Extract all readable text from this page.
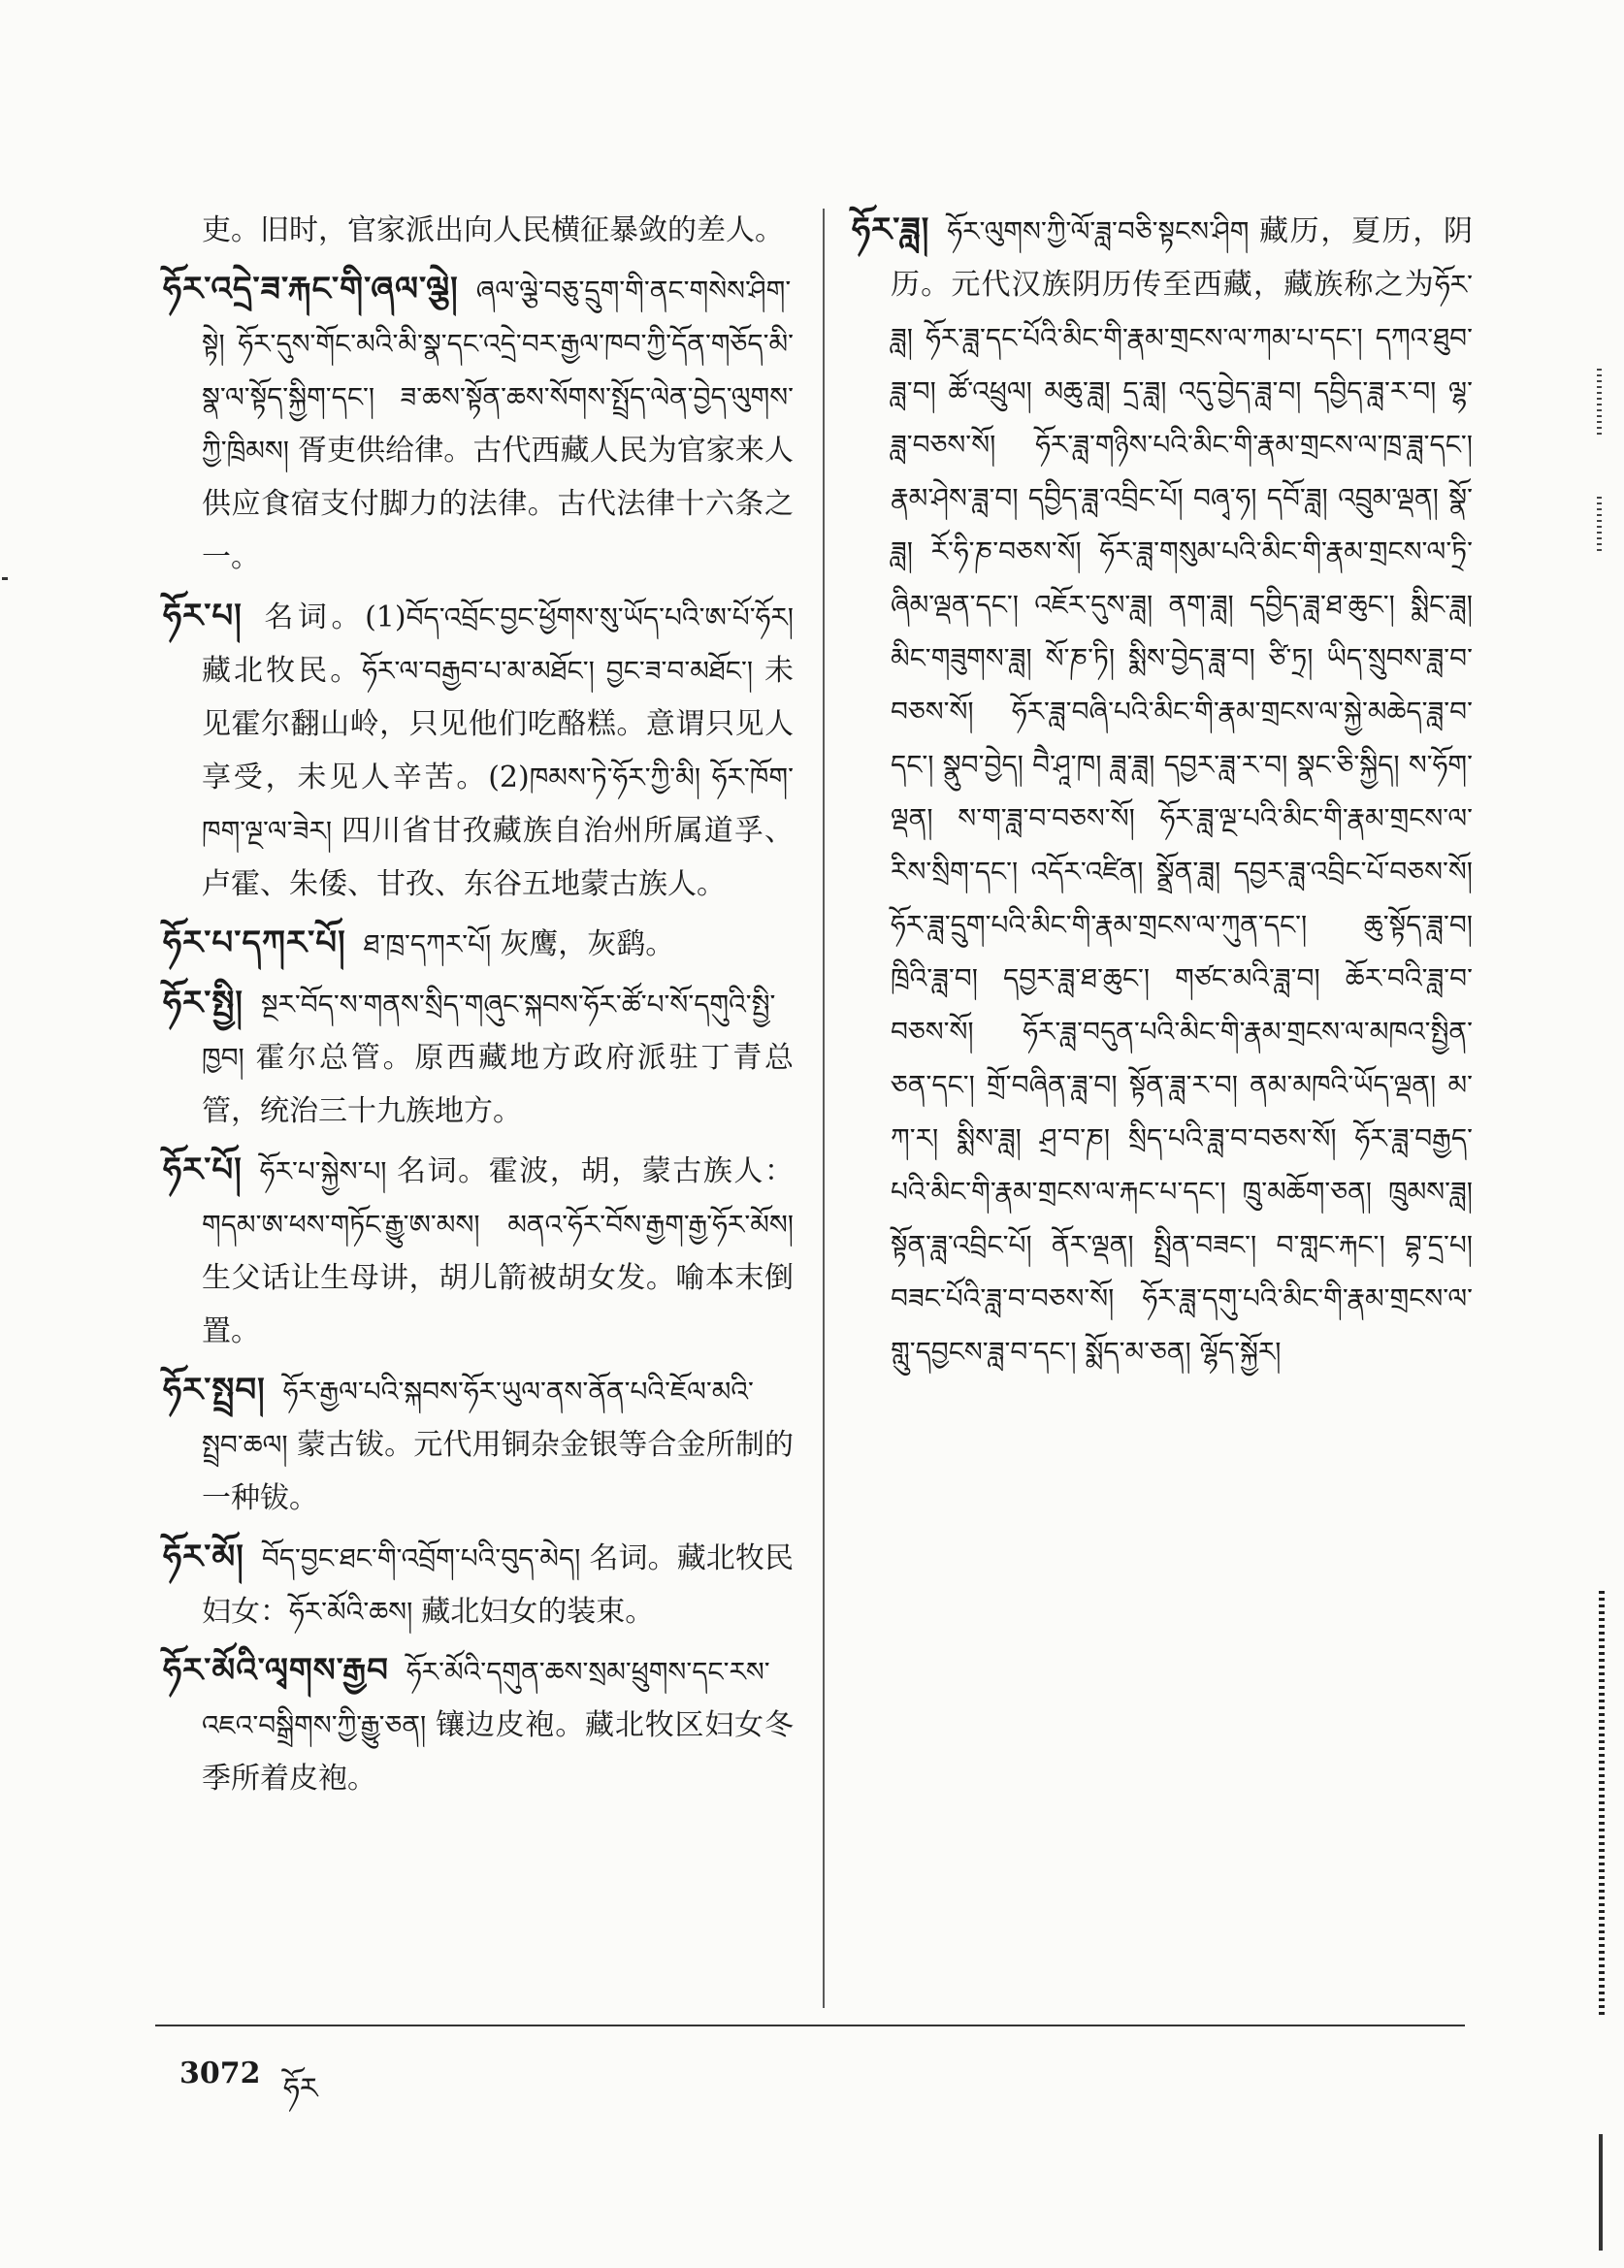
吏。旧时，官家派出向人民横征暴敛的差人。
ཧོར་འདྲེ་ཟ་རྐང་གི་ཞལ་ལྕེ། ཞལ་ལྕེ་བཅུ་དྲུག་གི་ནང་གསེས་ཤིག་སྟེ། ཧོར་དུས་གོང་མའི་མི་སྣ་དང་འདྲེ་བར་རྒྱལ་ཁབ་ཀྱི་དོན་གཅོད་མི་སྣ་ལ་སྟོད་སྐྱིག་དང་། ཟ་ཆས་སྟོན་ཆས་སོགས་སྤྲོད་ལེན་བྱེད་ལུགས་ཀྱི་ཁྲིམས། 胥吏供给律。古代西藏人民为官家来人供应食宿支付脚力的法律。古代法律十六条之一。
ཧོར་པ། 名词。(1)བོད་འབྲོང་བྱང་ཕྱོགས་སུ་ཡོད་པའི་ཨ་པོ་ཧོར། 藏北牧民。ཧོར་ལ་བརྒྱབ་པ་མ་མཐོང་། བྱང་ཟ་བ་མཐོང་། 未见霍尔翻山岭，只见他们吃酪糕。意谓只见人享受，未见人辛苦。(2)ཁམས་ཏེ་ཧོར་ཀྱི་མི། ཧོར་ཁོག་ཁག་ལྔ་ལ་ཟེར། 四川省甘孜藏族自治州所属道孚、卢霍、朱倭、甘孜、东谷五地蒙古族人。
ཧོར་པ་དཀར་པོ། ཐ་ཁྲ་དཀར་པོ། 灰鹰，灰鹞。
ཧོར་སྤྱི། སྔར་བོད་ས་གནས་སྲིད་གཞུང་སྐབས་ཧོར་ཚོ་པ་སོ་དགུའི་སྤྱི་ཁྱབ། 霍尔总管。原西藏地方政府派驻丁青总管，统治三十九族地方。
ཧོར་པོ། ཧོར་པ་སྐྱེས་པ། 名词。霍波，胡，蒙古族人：གདམ་ཨ་ཕས་གཏོང་རྒྱུ་ཨ་མས། མནའ་ཧོར་བོས་རྒྱག་རྒྱ་ཧོར་མོས། 生父话让生母讲，胡儿箭被胡女发。喻本末倒置。
ཧོར་སྤྲབ། ཧོར་རྒྱལ་པའི་སྐབས་ཧོར་ཡུལ་ནས་ནོན་པའི་ཇོལ་མའི་སྤྲབ་ཆལ། 蒙古钹。元代用铜杂金银等合金所制的一种钹。
ཧོར་མོ། བོད་བྱང་ཐང་གི་འབྲོག་པའི་བུད་མེད། 名词。藏北牧民妇女：ཧོར་མོའི་ཆས། 藏北妇女的装束。
ཧོར་མོའི་ལྭགས་རྒྱབ ཧོར་མོའི་དགུན་ཆས་སྲམ་ཕྲུགས་དང་རས་འཇའ་བསྒྲིགས་ཀྱི་རྒྱུ་ཅན། 镶边皮袍。藏北牧区妇女冬季所着皮袍。
ཧོར་ཟླ། ཧོར་ལུགས་ཀྱི་ལོ་ཟླ་བཅི་སྟངས་ཤིག 藏历，夏历，阴历。元代汉族阴历传至西藏，藏族称之为ཧོར་ཟླ། ཧོར་ཟླ་དང་པོའི་མིང་གི་རྣམ་གྲངས་ལ་ཀམ་པ་དང་། དཀའ་ཐུབ་ཟླ་བ། ཚོ་འཕྲུལ། མཆུ་ཟླ། དྲ་ཟླ། འདུ་བྱེད་ཟླ་བ། དབྱིད་ཟླ་ར་བ། ལྷ་ཟླ་བཅས་སོ། ཧོར་ཟླ་གཉིས་པའི་མིང་གི་རྣམ་གྲངས་ལ་ཁྲ་ཟླ་དང་། རྣམ་ཤེས་ཟླ་བ། དབྱིད་ཟླ་འབྲིང་པོ། བཞྭ་ཧ། དབོ་ཟླ། འབྲུམ་ལྡན། སྣོ་ཟླ། ཪོ་ཧི་ཎ་བཅས་སོ། ཧོར་ཟླ་གསུམ་པའི་མིང་གི་རྣམ་གྲངས་ལ་ཏྲི་ཞིམ་ལྡན་དང་། འཇོར་དུས་ཟླ། ནག་ཟླ། དབྱིད་ཟླ་ཐ་ཆུང་། སྨིང་ཟླ། མིང་གཟུགས་ཟླ། སོ་ཎ་ཏི། སྨིས་བྱེད་ཟླ་བ། ཙི་ཏྲ། ཡིད་སྲུབས་ཟླ་བ་བཅས་སོ། ཧོར་ཟླ་བཞི་པའི་མིང་གི་རྣམ་གྲངས་ལ་སྐྱེ་མཆེད་ཟླ་བ་དང་། སྣུབ་བྱེད། བཻ་ཤཱ་ཁ། ཟླ་ཟླ། དབྱར་ཟླ་ར་བ། སྣང་ཅི་སྐྱིད། ས་ཧོག་ལྡན། ས་ག་ཟླ་བ་བཅས་སོ། ཧོར་ཟླ་ལྔ་པའི་མིང་གི་རྣམ་གྲངས་ལ་རིས་སྲིག་དང་། འདོར་འཛིན། སྣྲོན་ཟླ། དབྱར་ཟླ་འབྲིང་པོ་བཅས་སོ། ཧོར་ཟླ་དྲུག་པའི་མིང་གི་རྣམ་གྲངས་ལ་ཀུན་དང་། ཆུ་སྟོད་ཟླ་བ། ཁྲིའི་ཟླ་བ། དབྱར་ཟླ་ཐ་ཆུང་། གཙང་མའི་ཟླ་བ། ཆོར་བའི་ཟླ་བ་བཅས་སོ། ཧོར་ཟླ་བདུན་པའི་མིང་གི་རྣམ་གྲངས་ལ་མཁའ་སྤྱིན་ཅན་དང་། གྲོ་བཞིན་ཟླ་བ། སྟོན་ཟླ་ར་བ། ནམ་མཁའི་ཡོད་ལྡན། མ་ཀ་ར། སྨིས་ཟླ། ཤྲ་བ་ཎ། སྲིད་པའི་ཟླ་བ་བཅས་སོ། ཧོར་ཟླ་བརྒྱད་པའི་མིང་གི་རྣམ་གྲངས་ལ་རྐང་པ་དང་། ཁྲུ་མཆོག་ཅན། ཁྲུམས་ཟླ། སྟོན་ཟླ་འབྲིང་པོ། ནོར་ལྡན། སྤྲིན་བཟང་། བ་གླང་རྐང་། བྷ་དྲ་པ། བཟང་པོའི་ཟླ་བ་བཅས་སོ། ཧོར་ཟླ་དགུ་པའི་མིང་གི་རྣམ་གྲངས་ལ་གླུ་དབྱངས་ཟླ་བ་དང་། སྨོད་མ་ཅན། ལྷོད་སྐྱོར།
3072 ཧོར
